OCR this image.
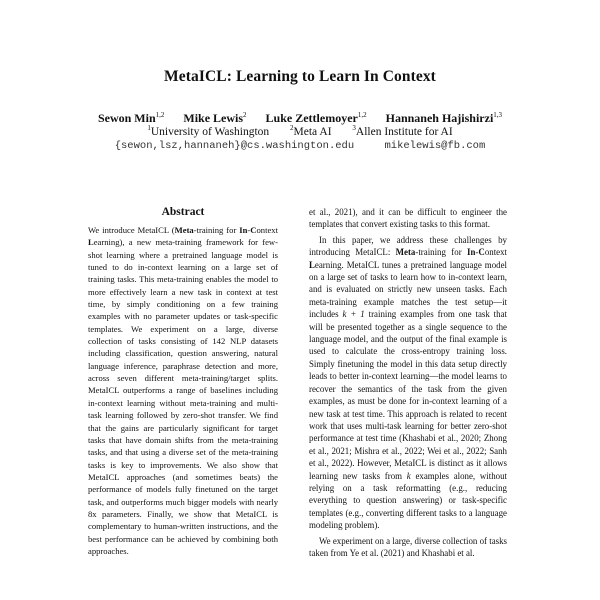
MetaICL: Learning to Learn In Context
Sewon Min$^{1,2}$ Mike Lewis$^2$ Luke Zettlemoyer$^{1,2}$ Hannaneh Hajishirzi$^{1,3}$
$^1$University of Washington	$^2$Meta AI	$^3$Allen Institute for AI
{sewon,lsz,hannaneh}@cs.washington.edu	mikelewis@fb.com
Abstract
We introduce MetaICL (Meta-training for In-Context Learning), a new meta-training framework for few-shot learning where a pretrained language model is tuned to do in-context learning on a large set of training tasks. This meta-training enables the model to more effectively learn a new task in context at test time, by simply conditioning on a few training examples with no parameter updates or task-specific templates. We experiment on a large, diverse collection of tasks consisting of 142 NLP datasets including classification, question answering, natural language inference, paraphrase detection and more, across seven different meta-training/target splits. MetaICL outperforms a range of baselines including in-context learning without meta-training and multi-task learning followed by zero-shot transfer. We find that the gains are particularly significant for target tasks that have domain shifts from the meta-training tasks, and that using a diverse set of the meta-training tasks is key to improvements. We also show that MetaICL approaches (and sometimes beats) the performance of models fully finetuned on the target task, and outperforms much bigger models with nearly 8x parameters. Finally, we show that MetaICL is complementary to human-written instructions, and the best performance can be achieved by combining both approaches.

et al., 2021), and it can be difficult to engineer the templates that convert existing tasks to this format.

In this paper, we address these challenges by introducing MetaICL: Meta-training for In-Context Learning. MetaICL tunes a pretrained language model on a large set of tasks to learn how to in-context learn, and is evaluated on strictly new unseen tasks. Each meta-training example matches the test setup—it includes k + 1 training examples from one task that will be presented together as a single sequence to the language model, and the output of the final example is used to calculate the cross-entropy training loss. Simply finetuning the model in this data setup directly leads to better in-context learning—the model learns to recover the semantics of the task from the given examples, as must be done for in-context learning of a new task at test time. This approach is related to recent work that uses multi-task learning for better zero-shot performance at test time (Khashabi et al., 2020; Zhong et al., 2021; Mishra et al., 2022; Wei et al., 2022; Sanh et al., 2022). However, MetaICL is distinct as it allows learning new tasks from k examples alone, without relying on a task reformatting (e.g., reducing everything to question answering) or task-specific templates (e.g., converting different tasks to a language modeling problem).

We experiment on a large, diverse collection of tasks taken from Ye et al. (2021) and Khashabi et al.
